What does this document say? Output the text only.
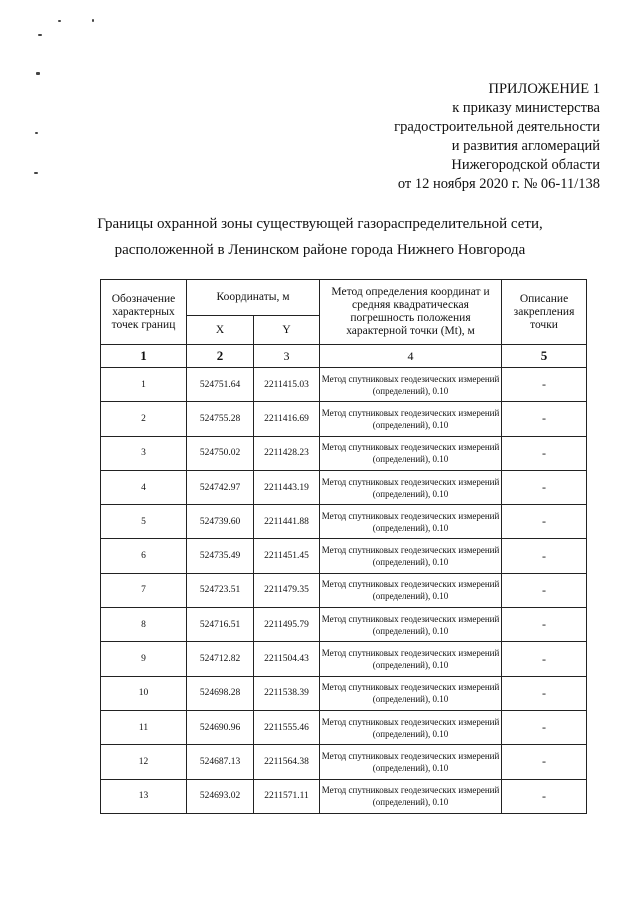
ПРИЛОЖЕНИЕ 1
к приказу министерства
градостроительной деятельности
и развития агломераций
Нижегородской области
от 12 ноября 2020 г. № 06-11/138
Границы охранной зоны существующей газораспределительной сети,
расположенной в Ленинском районе города Нижнего Новгорода
Обозначение характерных точек границ	Координаты, м		Метод определения координат и средняя квадратическая погрешность положения характерной точки (Mt), м	Описание закрепления точки
	X	Y		
1	2	3	4	5
1	524751.64	2211415.03	Метод спутниковых геодезических измерений (определений), 0.10	-
2	524755.28	2211416.69	Метод спутниковых геодезических измерений (определений), 0.10	-
3	524750.02	2211428.23	Метод спутниковых геодезических измерений (определений), 0.10	-
4	524742.97	2211443.19	Метод спутниковых геодезических измерений (определений), 0.10	-
5	524739.60	2211441.88	Метод спутниковых геодезических измерений (определений), 0.10	-
6	524735.49	2211451.45	Метод спутниковых геодезических измерений (определений), 0.10	-
7	524723.51	2211479.35	Метод спутниковых геодезических измерений (определений), 0.10	-
8	524716.51	2211495.79	Метод спутниковых геодезических измерений (определений), 0.10	-
9	524712.82	2211504.43	Метод спутниковых геодезических измерений (определений), 0.10	-
10	524698.28	2211538.39	Метод спутниковых геодезических измерений (определений), 0.10	-
11	524690.96	2211555.46	Метод спутниковых геодезических измерений (определений), 0.10	-
12	524687.13	2211564.38	Метод спутниковых геодезических измерений (определений), 0.10	-
13	524693.02	2211571.11	Метод спутниковых геодезических измерений (определений), 0.10	-
